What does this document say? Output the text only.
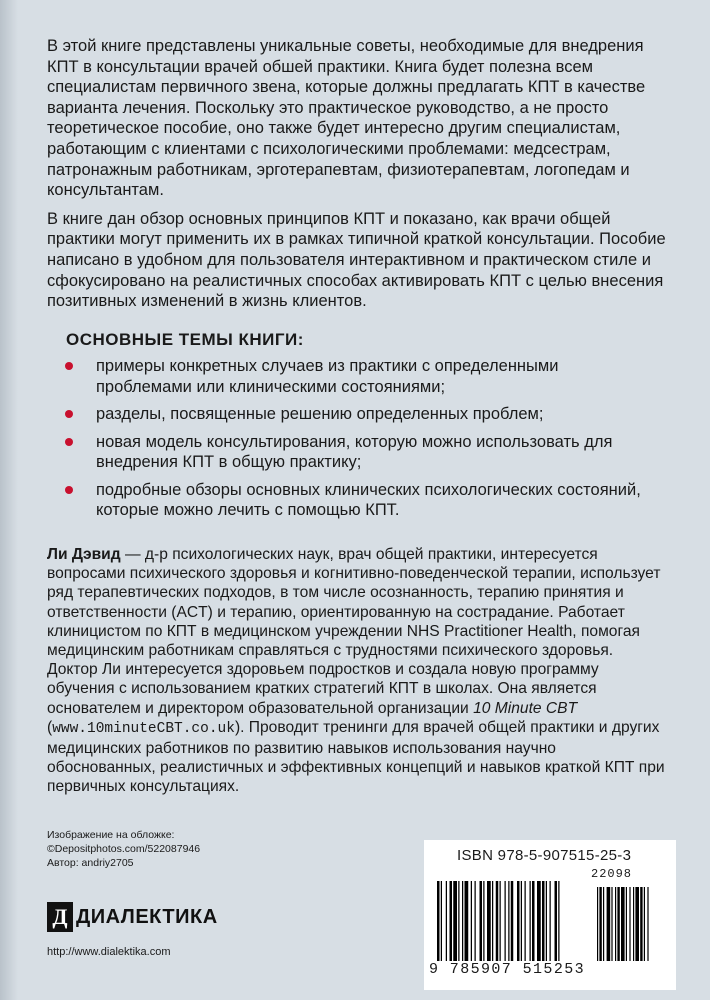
В этой книге представлены уникальные советы, необходимые для внедрения КПТ в консультации врачей обшей практики. Книга будет полезна всем специалистам первичного звена, которые должны предлагать КПТ в качестве варианта лечения. Поскольку это практическое руководство, а не просто теоретическое пособие, оно также будет интересно другим специалистам, работающим с клиентами с психологическими проблемами: медсестрам, патронажным работникам, эрготерапевтам, физиотерапевтам, логопедам и консультантам.

В книге дан обзор основных принципов КПТ и показано, как врачи общей практики могут применить их в рамках типичной краткой консультации. Пособие написано в удобном для пользователя интерактивном и практическом стиле и сфокусировано на реалистичных способах активировать КПТ с целью внесения позитивных изменений в жизнь клиентов.

ОСНОВНЫЕ ТЕМЫ КНИГИ:
примеры конкретных случаев из практики с определенными проблемами или клиническими состояниями;
разделы, посвященные решению определенных проблем;
новая модель консультирования, которую можно использовать для внедрения КПТ в общую практику;
подробные обзоры основных клинических психологических состояний, которые можно лечить с помощью КПТ.
Ли Дэвид — д-р психологических наук, врач общей практики, интересуется вопросами психического здоровья и когнитивно-поведенческой терапии, использует ряд терапевтических подходов, в том числе осознанность, терапию принятия и ответственности (ACT) и терапию, ориентированную на сострадание. Работает клиницистом по КПТ в медицинском учреждении NHS Practitioner Health, помогая медицинским работникам справляться с трудностями психического здоровья. Доктор Ли интересуется здоровьем подростков и создала новую программу обучения с использованием кратких стратегий КПТ в школах. Она является основателем и директором образовательной организации 10 Minute CBT (www.10minuteCBT.co.uk). Проводит тренинги для врачей общей практики и других медицинских работников по развитию навыков использования научно обоснованных, реалистичных и эффективных концепций и навыков краткой КПТ при первичных консультациях.
Изображение на обложке:
©Depositphotos.com/522087946
Автор: andriy2705
Д ДИАЛЕКТИКА
http://www.dialektika.com
ISBN 978-5-907515-25-3
22098
9 785907 515253
